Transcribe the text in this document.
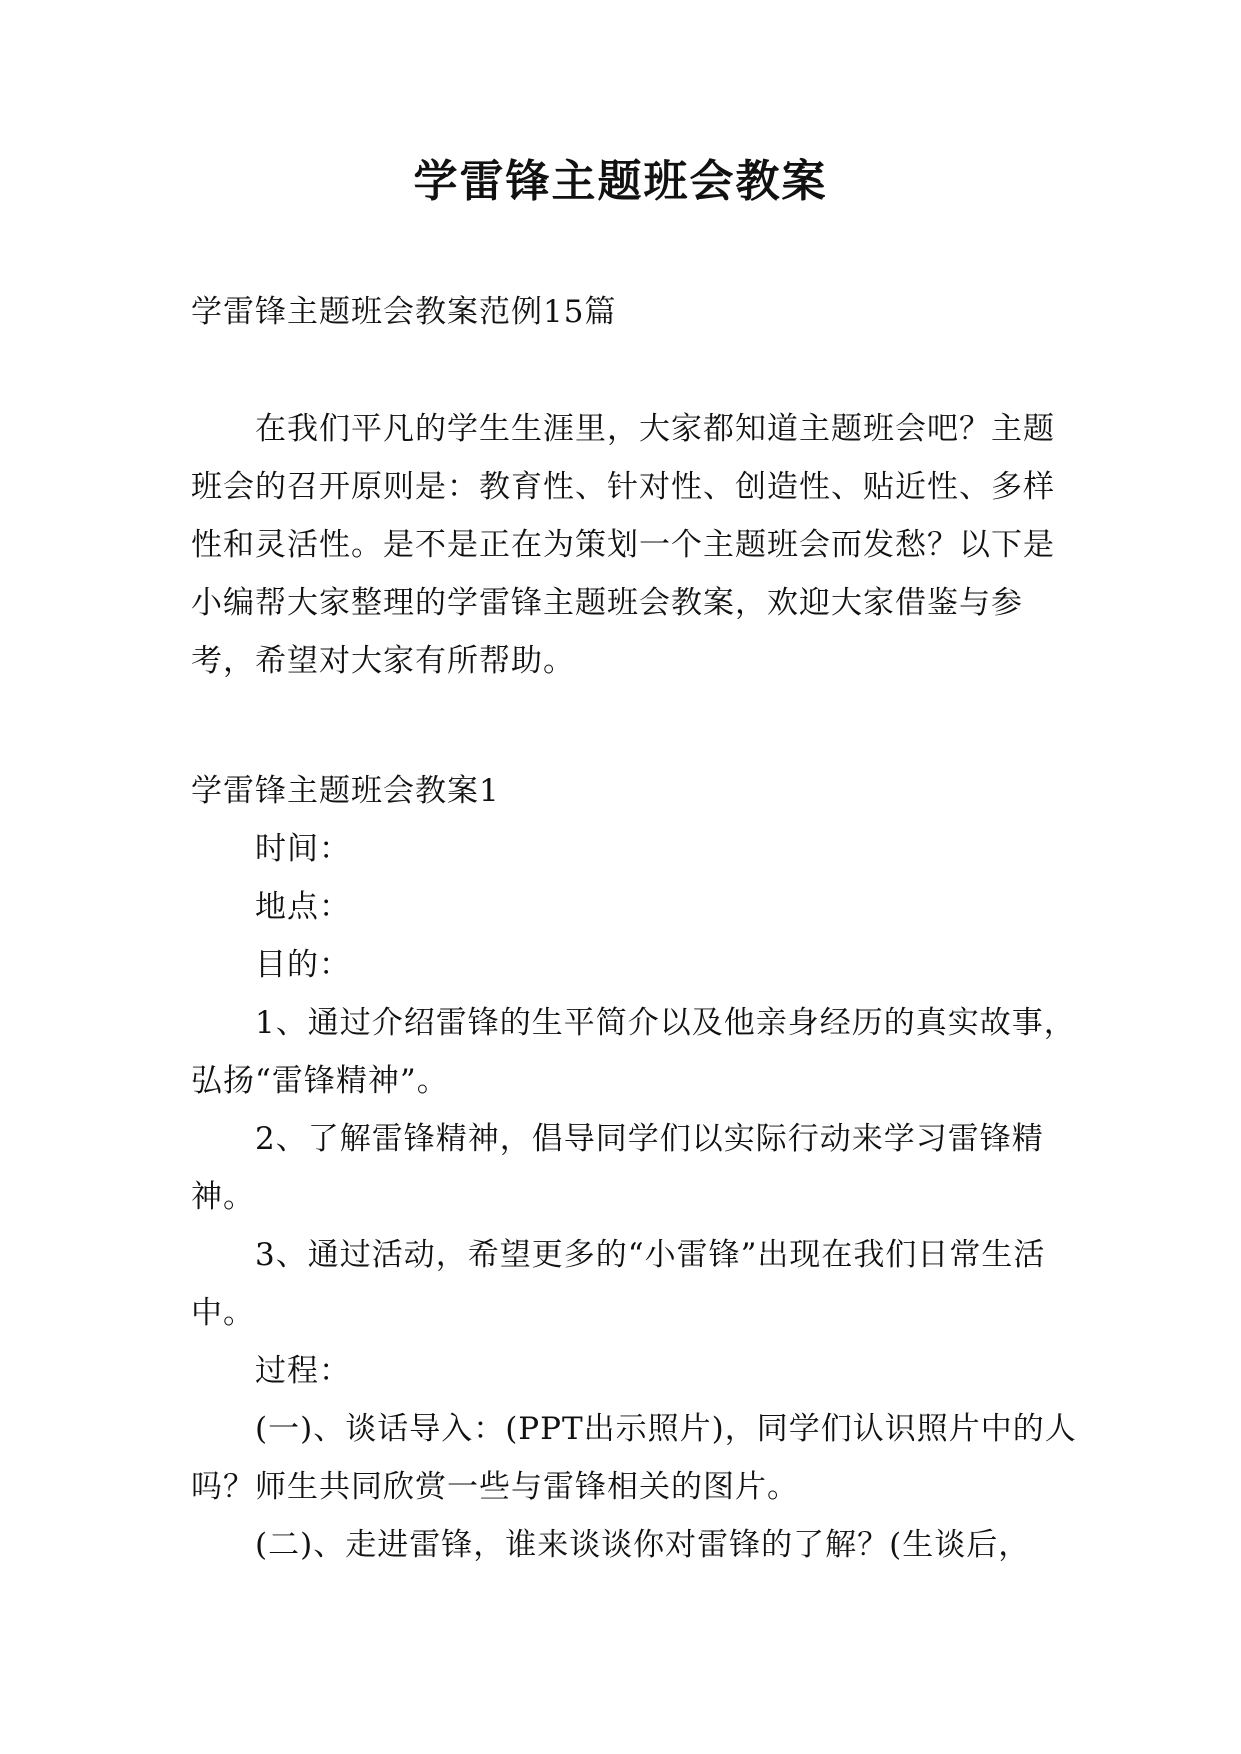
学雷锋主题班会教案

学雷锋主题班会教案范例15篇

在我们平凡的学生生涯里，大家都知道主题班会吧？主题班会的召开原则是：教育性、针对性、创造性、贴近性、多样性和灵活性。是不是正在为策划一个主题班会而发愁？以下是小编帮大家整理的学雷锋主题班会教案，欢迎大家借鉴与参考，希望对大家有所帮助。

学雷锋主题班会教案1

时间：

地点：

目的：

1、通过介绍雷锋的生平简介以及他亲身经历的真实故事，弘扬“雷锋精神”。

2、了解雷锋精神，倡导同学们以实际行动来学习雷锋精神。

3、通过活动，希望更多的“小雷锋”出现在我们日常生活中。

过程：

(一)、谈话导入：(PPT出示照片)，同学们认识照片中的人吗？师生共同欣赏一些与雷锋相关的图片。

(二)、走进雷锋，谁来谈谈你对雷锋的了解？(生谈后，
